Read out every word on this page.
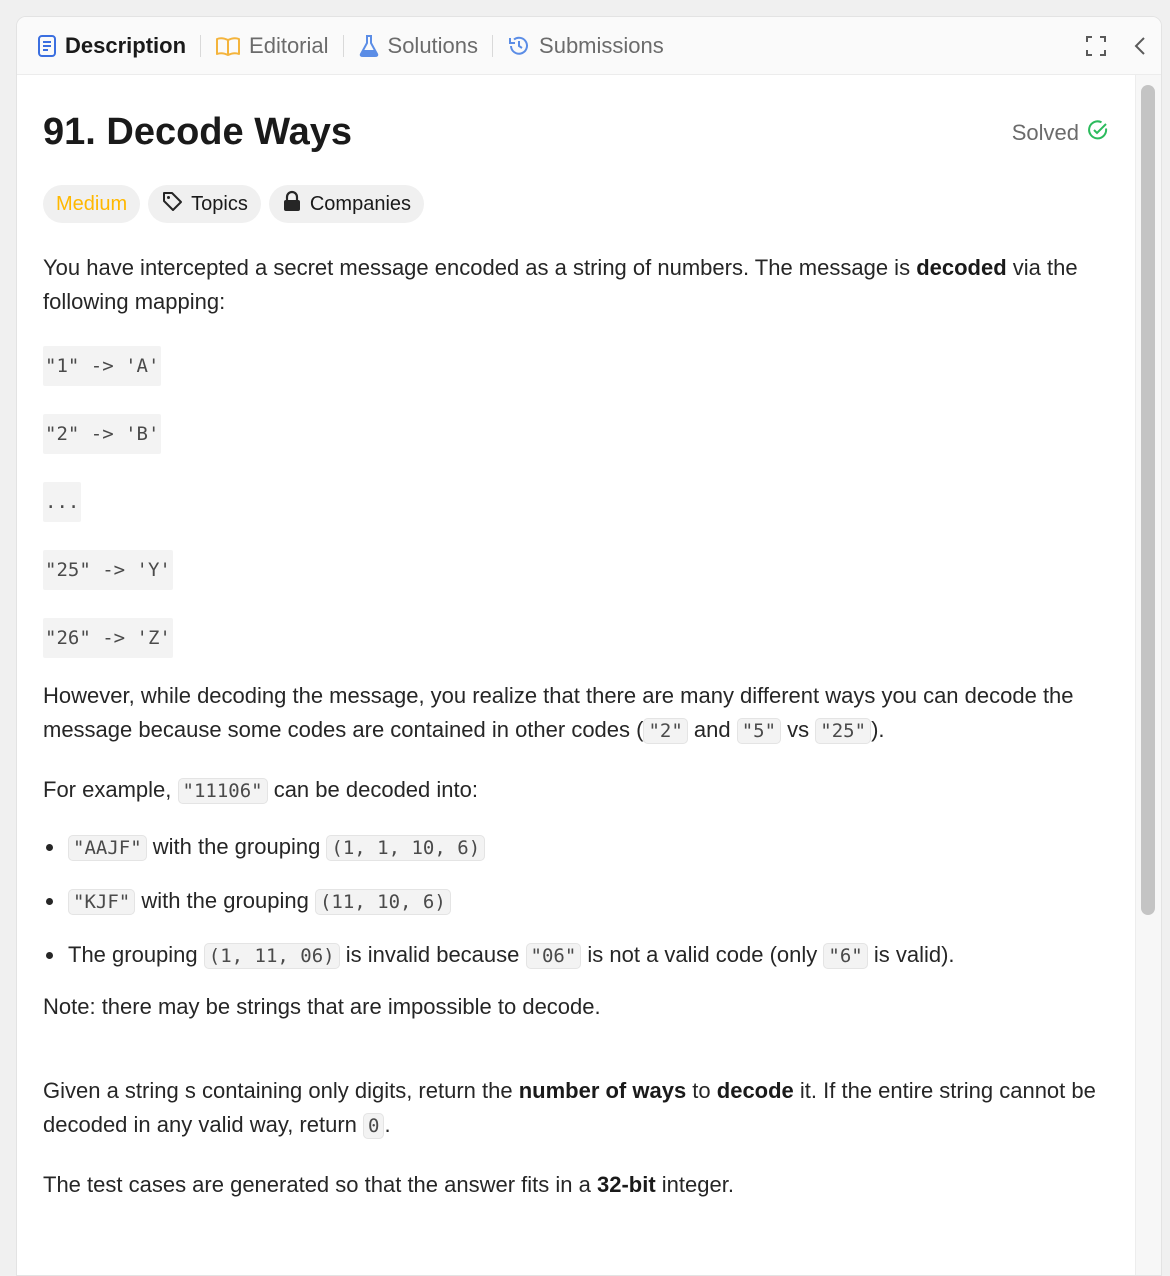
Description	Editorial	Solutions	Submissions
91. Decode Ways	Solved
Medium	Topics	Companies

You have intercepted a secret message encoded as a string of numbers. The message is decoded via the following mapping:

"1" -> 'A'
"2" -> 'B'
...
"25" -> 'Y'
"26" -> 'Z'

However, while decoding the message, you realize that there are many different ways you can decode the message because some codes are contained in other codes ( "2" and "5" vs "25" ).

For example, "11106" can be decoded into:

"AAJF" with the grouping (1, 1, 10, 6)
"KJF" with the grouping (11, 10, 6)
The grouping (1, 11, 06) is invalid because "06" is not a valid code (only "6" is valid).

Note: there may be strings that are impossible to decode.

Given a string s containing only digits, return the number of ways to decode it. If the entire string cannot be decoded in any valid way, return 0 .

The test cases are generated so that the answer fits in a 32-bit integer.
